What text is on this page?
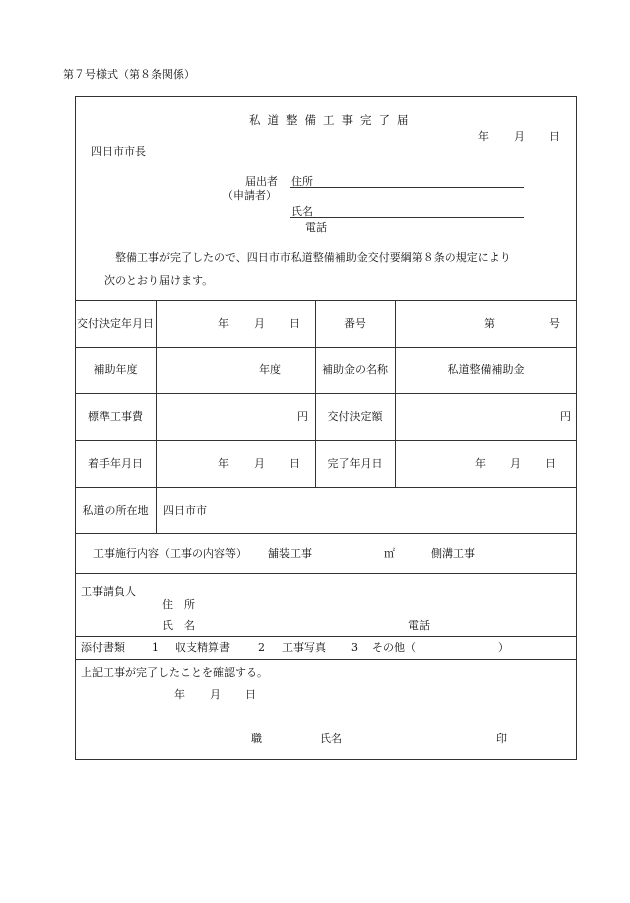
第７号様式（第８条関係）
私道整備工事完了届
年 月 日
四日市市長
届出者 住所
（申請者）
氏名
電話
整備工事が完了したので、四日市市私道整備補助金交付要綱第８条の規定により
次のとおり届けます。
交付決定年月日	年 月 日	番号	第	号
補助年度	年度	補助金の名称	私道整備補助金
標準工事費	円	交付決定額	円
着手年月日	年 月 日	完了年月日	年 月 日
私道の所在地	四日市市
工事施行内容（工事の内容等） 舗装工事	㎡	側溝工事
工事請負人
住　所
氏　名	電話
添付書類 1 収支精算書	2 工事写真 3 その他（	）
上記工事が完了したことを確認する。
年 月 日
職	氏名	印
